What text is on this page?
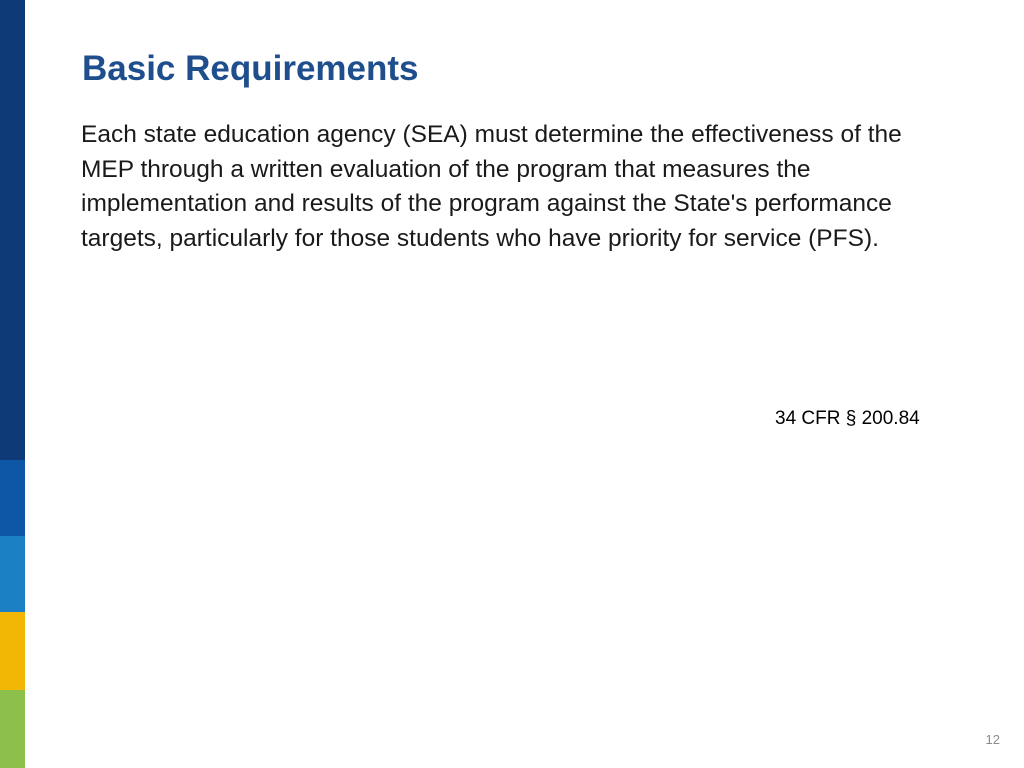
Basic Requirements

Each state education agency (SEA) must determine the effectiveness of the MEP through a written evaluation of the program that measures the implementation and results of the program against the State's performance targets, particularly for those students who have priority for service (PFS).

34 CFR § 200.84

12
